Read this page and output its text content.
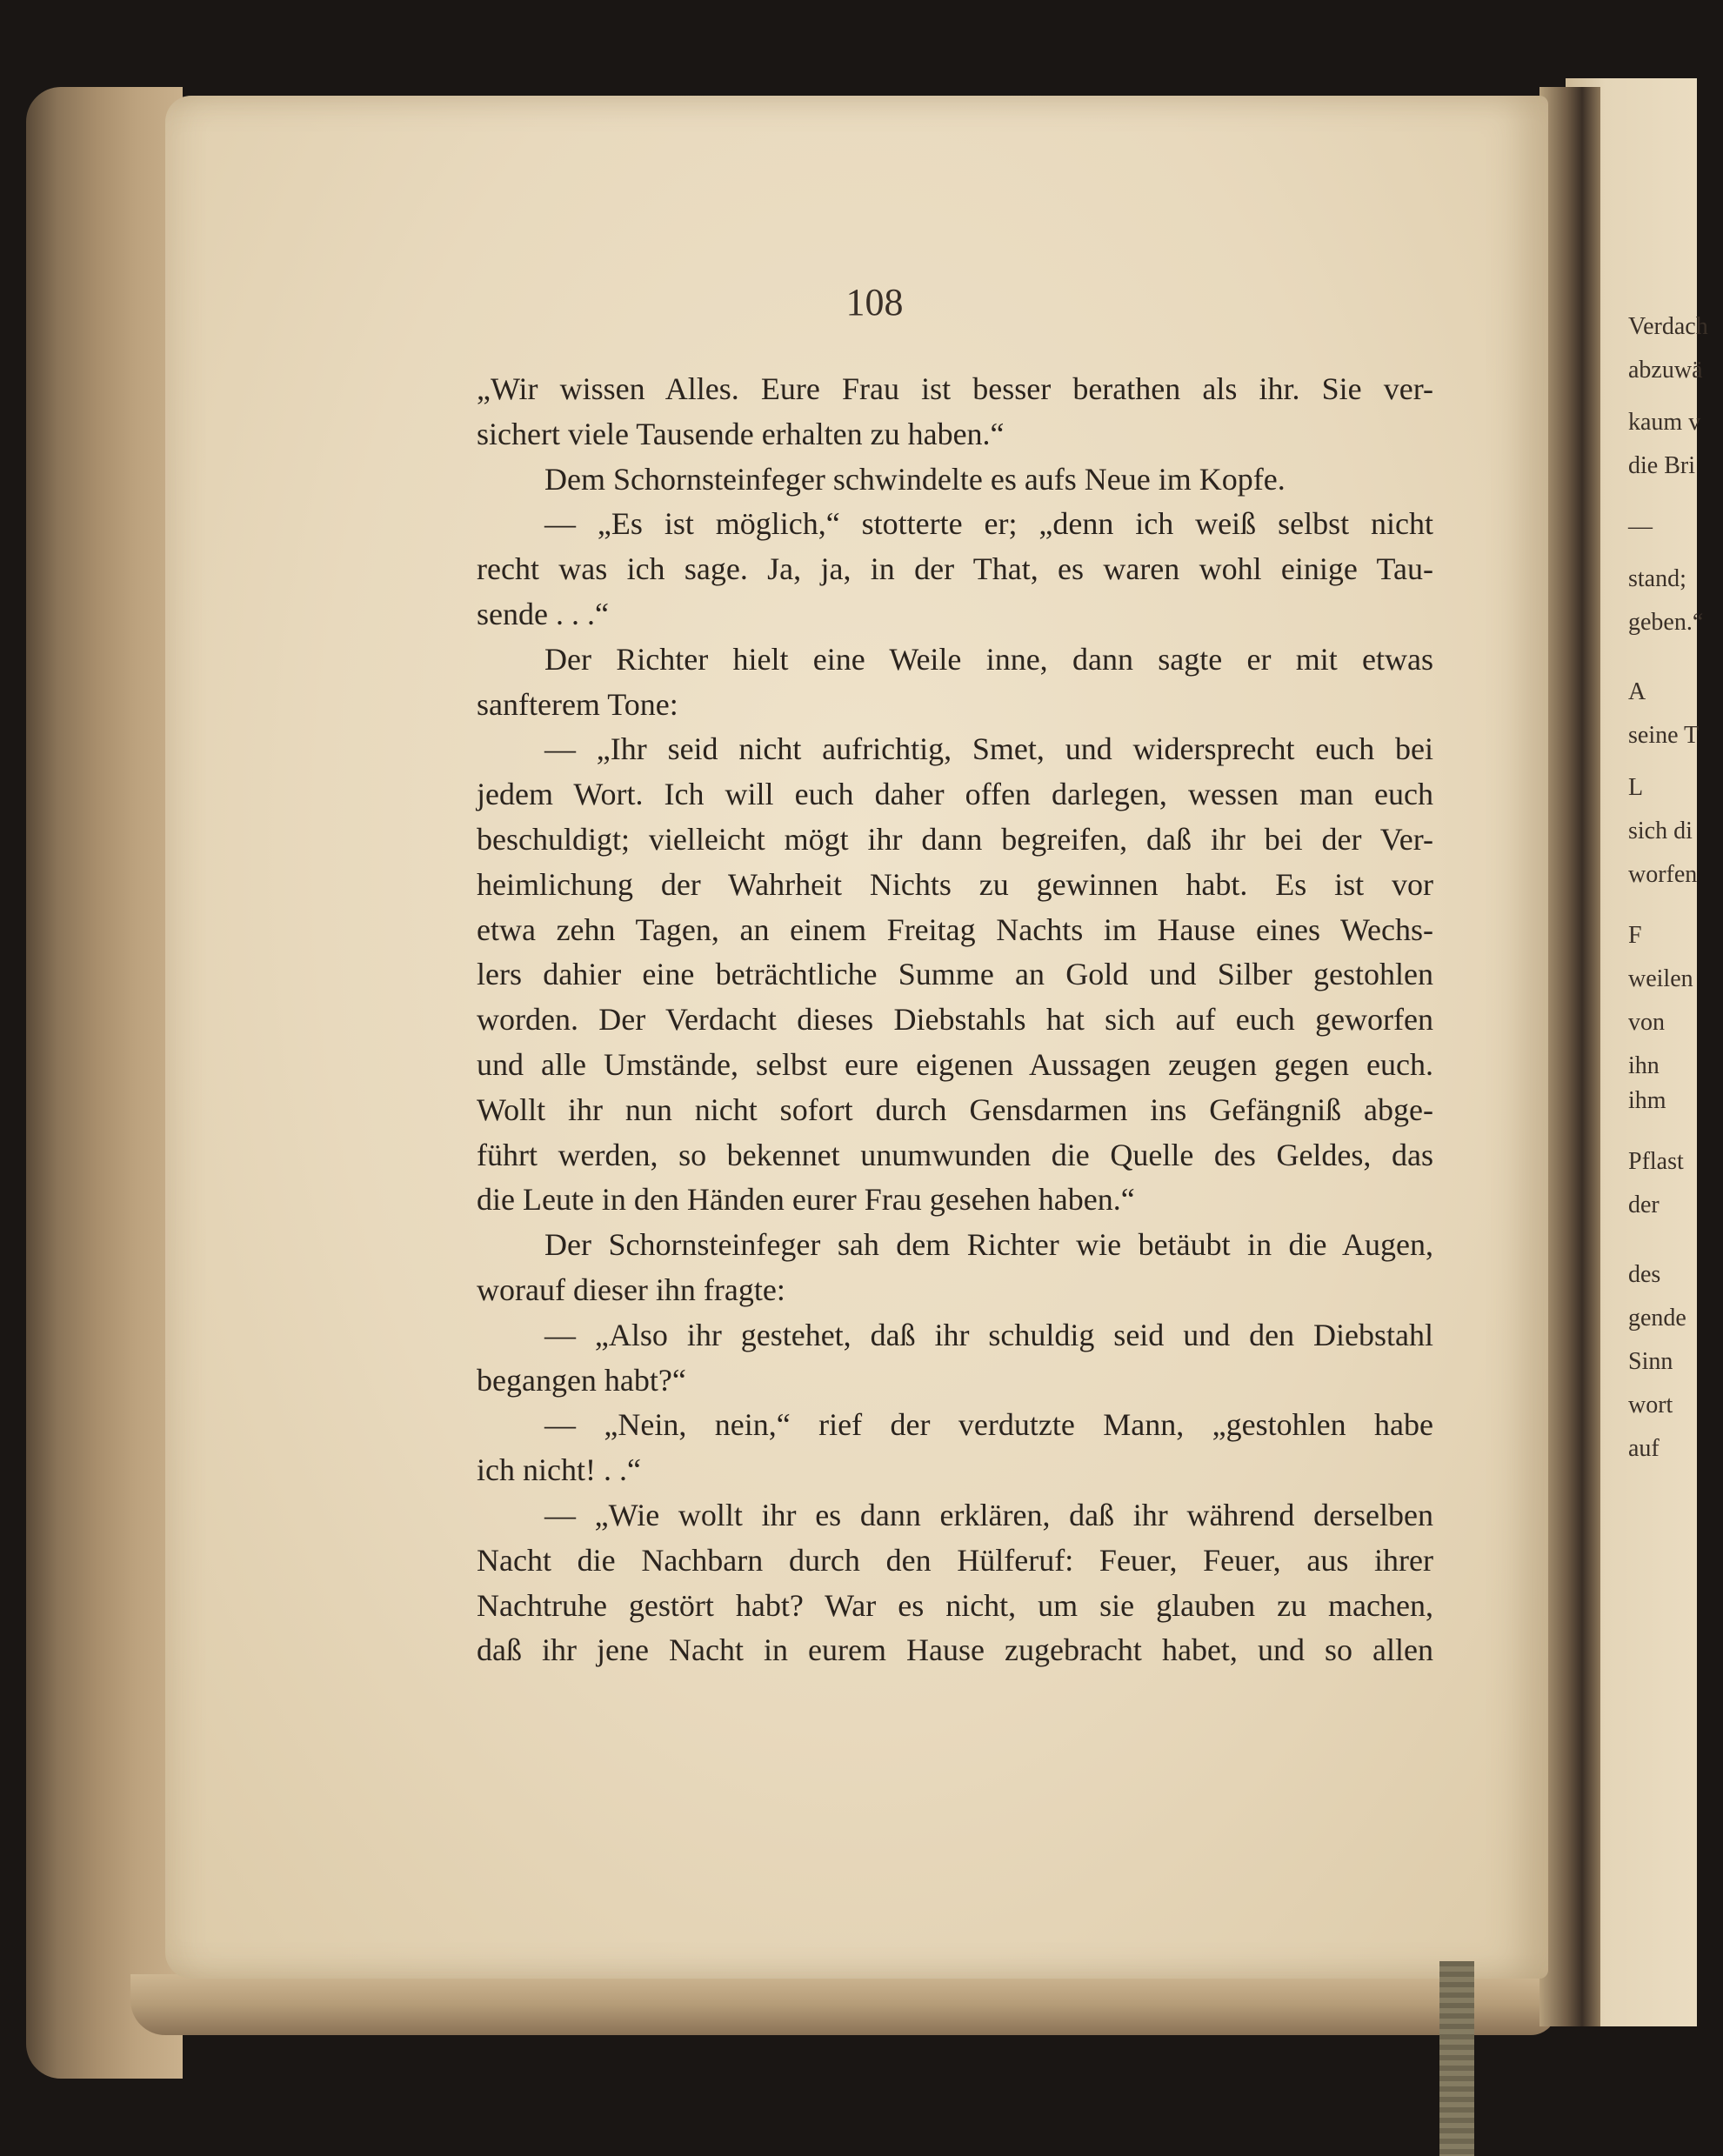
108
„Wir wissen Alles. Eure Frau ist besser berathen als ihr. Sie ver-
sichert viele Tausende erhalten zu haben.“
Dem Schornsteinfeger schwindelte es aufs Neue im Kopfe.
— „Es ist möglich,“ stotterte er; „denn ich weiß selbst nicht
recht was ich sage. Ja, ja, in der That, es waren wohl einige Tau-
sende . . .“
Der Richter hielt eine Weile inne, dann sagte er mit etwas
sanfterem Tone:
— „Ihr seid nicht aufrichtig, Smet, und widersprecht euch bei
jedem Wort. Ich will euch daher offen darlegen, wessen man euch
beschuldigt; vielleicht mögt ihr dann begreifen, daß ihr bei der Ver-
heimlichung der Wahrheit Nichts zu gewinnen habt. Es ist vor
etwa zehn Tagen, an einem Freitag Nachts im Hause eines Wechs-
lers dahier eine beträchtliche Summe an Gold und Silber gestohlen
worden. Der Verdacht dieses Diebstahls hat sich auf euch geworfen
und alle Umstände, selbst eure eigenen Aussagen zeugen gegen euch.
Wollt ihr nun nicht sofort durch Gensdarmen ins Gefängniß abge-
führt werden, so bekennet unumwunden die Quelle des Geldes, das
die Leute in den Händen eurer Frau gesehen haben.“
Der Schornsteinfeger sah dem Richter wie betäubt in die Augen,
worauf dieser ihn fragte:
— „Also ihr gestehet, daß ihr schuldig seid und den Diebstahl
begangen habt?“
— „Nein, nein,“ rief der verdutzte Mann, „gestohlen habe
ich nicht! . .“
— „Wie wollt ihr es dann erklären, daß ihr während derselben
Nacht die Nachbarn durch den Hülferuf: Feuer, Feuer, aus ihrer
Nachtruhe gestört habt? War es nicht, um sie glauben zu machen,
daß ihr jene Nacht in eurem Hause zugebracht habet, und so allen
Verdach
abzuwä
kaum v
die Bri
—
stand;
geben.“
A
seine T
L
sich di
worfen
F
weilen
von
ihn
ihm
Pflast
der
des
gende
Sinn
wort
auf
